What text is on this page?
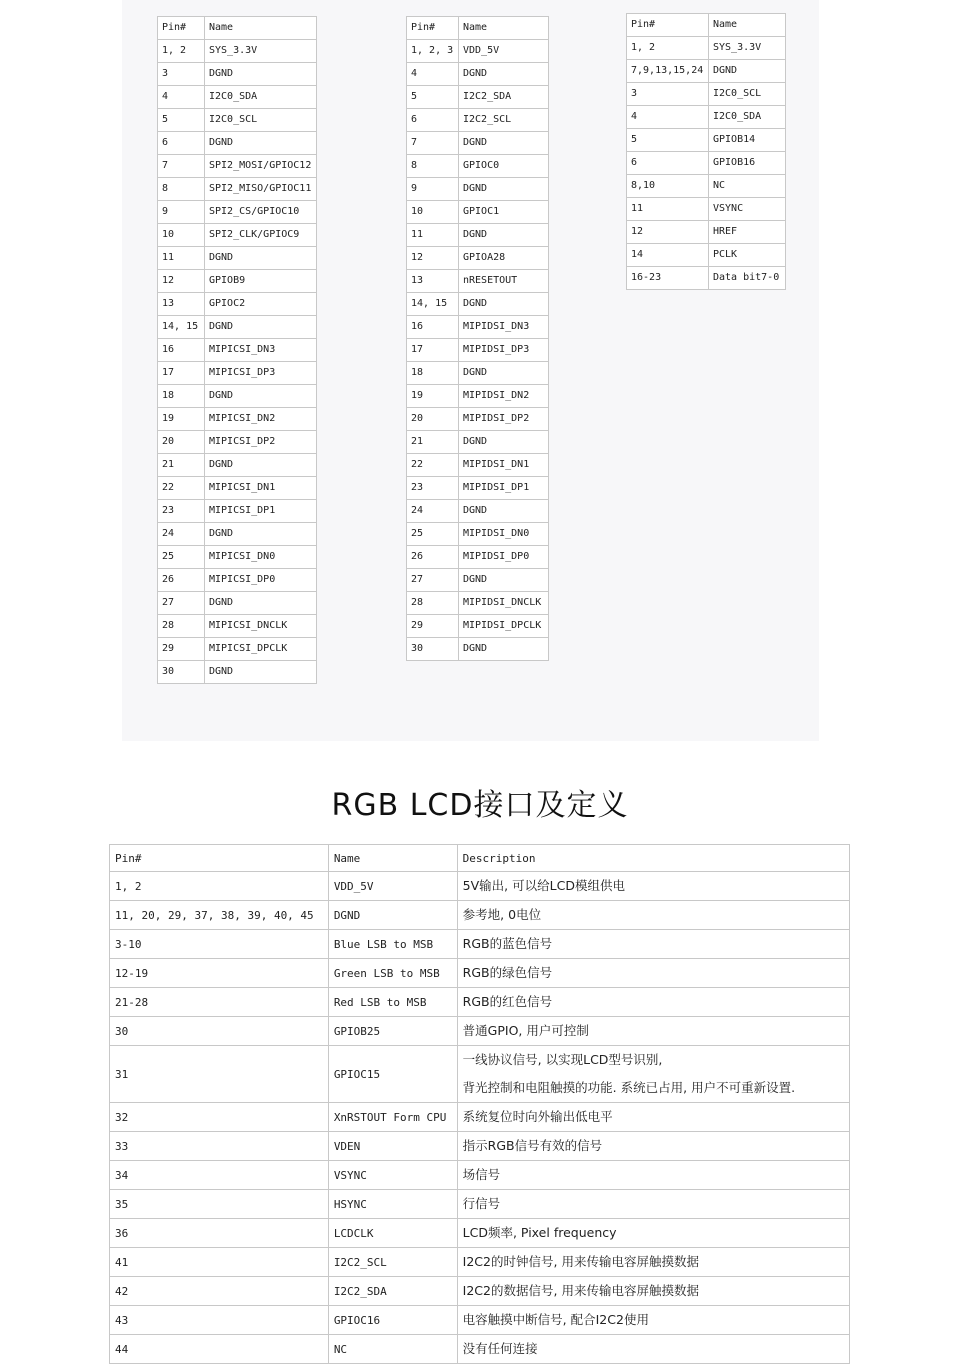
Pin#	Name
1, 2	SYS_3.3V
3	DGND
4	I2C0_SDA
5	I2C0_SCL
6	DGND
7	SPI2_MOSI/GPIOC12
8	SPI2_MISO/GPIOC11
9	SPI2_CS/GPIOC10
10	SPI2_CLK/GPIOC9
11	DGND
12	GPIOB9
13	GPIOC2
14, 15	DGND
16	MIPICSI_DN3
17	MIPICSI_DP3
18	DGND
19	MIPICSI_DN2
20	MIPICSI_DP2
21	DGND
22	MIPICSI_DN1
23	MIPICSI_DP1
24	DGND
25	MIPICSI_DN0
26	MIPICSI_DP0
27	DGND
28	MIPICSI_DNCLK
29	MIPICSI_DPCLK
30	DGND
Pin#	Name
1, 2, 3	VDD_5V
4	DGND
5	I2C2_SDA
6	I2C2_SCL
7	DGND
8	GPIOC0
9	DGND
10	GPIOC1
11	DGND
12	GPIOA28
13	nRESETOUT
14, 15	DGND
16	MIPIDSI_DN3
17	MIPIDSI_DP3
18	DGND
19	MIPIDSI_DN2
20	MIPIDSI_DP2
21	DGND
22	MIPIDSI_DN1
23	MIPIDSI_DP1
24	DGND
25	MIPIDSI_DN0
26	MIPIDSI_DP0
27	DGND
28	MIPIDSI_DNCLK
29	MIPIDSI_DPCLK
30	DGND
Pin#	Name
1, 2	SYS_3.3V
7,9,13,15,24	DGND
3	I2C0_SCL
4	I2C0_SDA
5	GPIOB14
6	GPIOB16
8,10	NC
11	VSYNC
12	HREF
14	PCLK
16-23	Data bit7-0
RGB LCD接口及定义
Pin#	Name	Description
1, 2	VDD_5V	5V输出, 可以给LCD模组供电

11, 20, 29, 37, 38, 39, 40, 45	DGND	参考地, 0电位

3-10	Blue LSB to MSB	RGB的蓝色信号

12-19	Green LSB to MSB	RGB的绿色信号

21-28	Red LSB to MSB	RGB的红色信号

30	GPIOB25	普通GPIO, 用户可控制

31	GPIOC15	一线协议信号, 以实现LCD型号识别,
背光控制和电阻触摸的功能. 系统已占用, 用户不可重新设置.

32	XnRSTOUT Form CPU	系统复位时向外输出低电平

33	VDEN	指示RGB信号有效的信号

34	VSYNC	场信号

35	HSYNC	行信号

36	LCDCLK	LCD频率, Pixel frequency

41	I2C2_SCL	I2C2的时钟信号, 用来传输电容屏触摸数据

42	I2C2_SDA	I2C2的数据信号, 用来传输电容屏触摸数据

43	GPIOC16	电容触摸中断信号, 配合I2C2使用

44	NC	没有任何连接
